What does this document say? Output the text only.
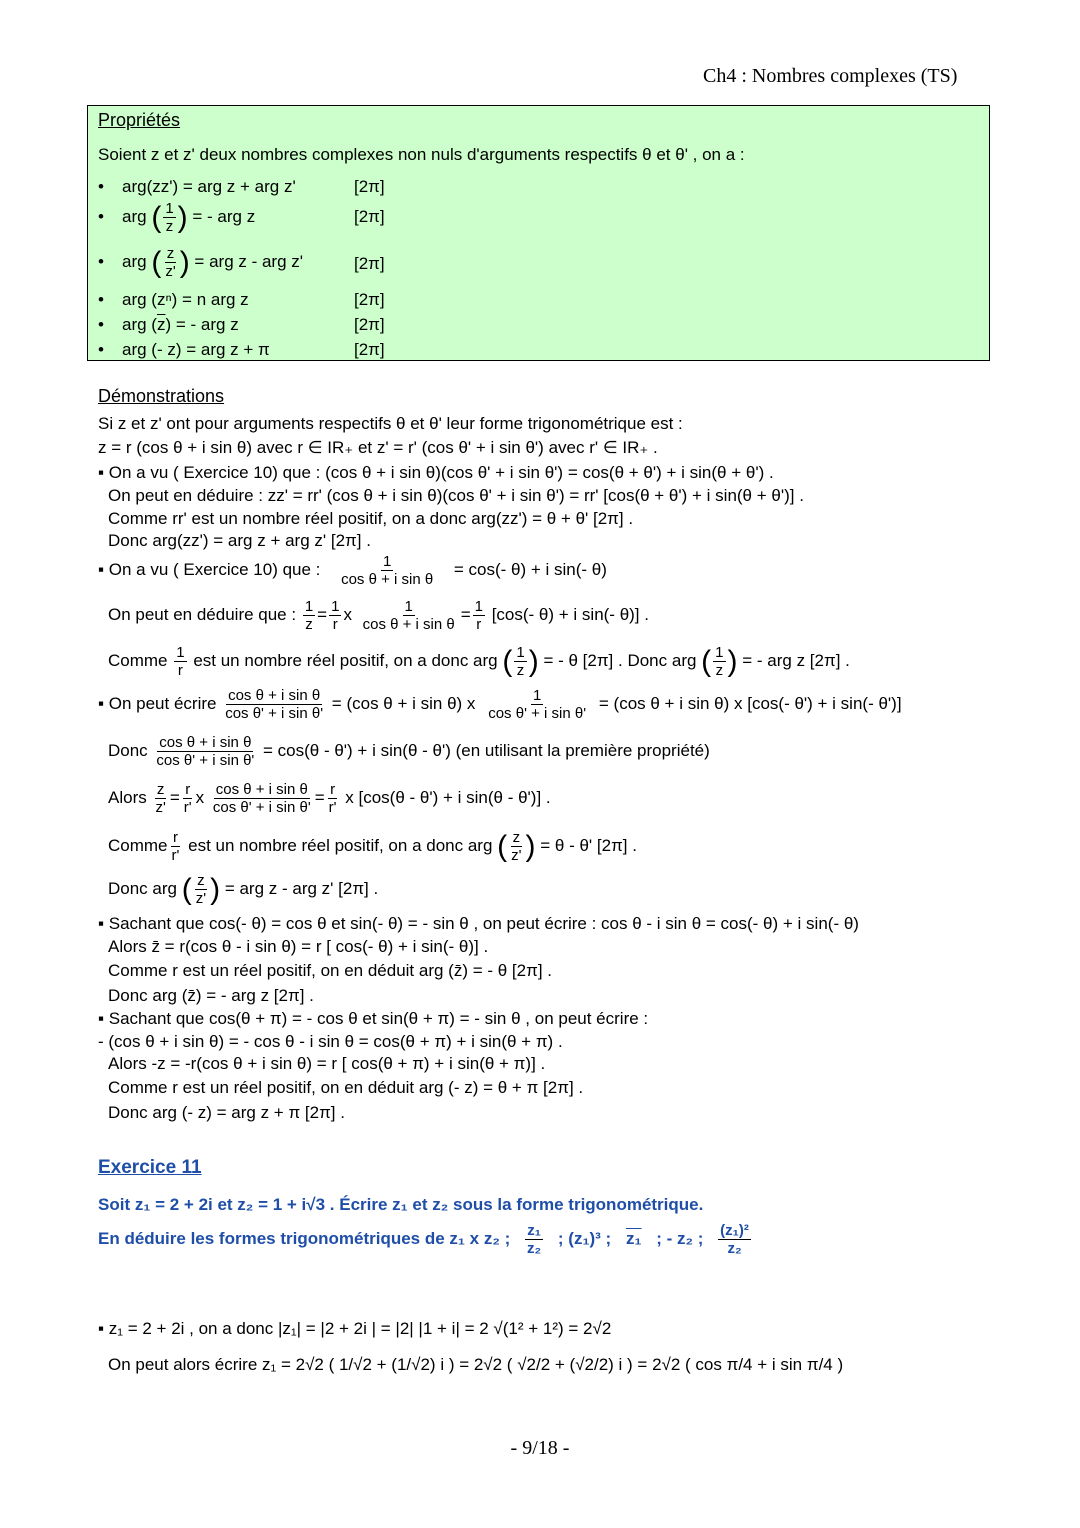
Ch4 : Nombres complexes (TS)
Propriétés
Soient z et z' deux nombres complexes non nuls d'arguments respectifs θ et θ' , on a :
• arg(zz') = arg z + arg z'	[2π]
• arg ( $\frac{1}{z}$ ) = - arg z	[2π]
• arg ( $\frac{z}{z'}$ ) = arg z - arg z'	[2π]
• arg (zⁿ) = n arg z	[2π]
• arg $(\overline{z})$ = - arg z	[2π]
• arg (- z) = arg z + π	[2π]
Démonstrations
Si z et z' ont pour arguments respectifs θ et θ' leur forme trigonométrique est :
z = r (cos θ + i sin θ) avec r ∈ IR₊ et z' = r' (cos θ' + i sin θ') avec r' ∈ IR₊ .
▪ On a vu ( Exercice 10) que : (cos θ + i sin θ)(cos θ' + i sin θ') = cos(θ + θ') + i sin(θ + θ') .
On peut en déduire : zz' = rr' (cos θ + i sin θ)(cos θ' + i sin θ') = rr' [cos(θ + θ') + i sin(θ + θ')] .
Comme rr' est un nombre réel positif, on a donc arg(zz') = θ + θ' [2π] .
Donc arg(zz') = arg z + arg z' [2π] .
▪ On a vu ( Exercice 10) que : $\frac{1}{\text{cos θ + i sin θ}} = \cos(-$ θ) + i sin(- θ)
On peut en déduire que : $\frac{1}{z} = \frac{1}{r}$ x $\frac{1}{\text{cos θ + i sin θ}} = \frac{1}{r} [\cos(-$ θ) + i sin(- θ)] .
Comme $\frac{1}{r}$ est un nombre réel positif, on a donc arg ( $\frac{1}{z}$ ) = - θ [2π] . Donc arg ( $\frac{1}{z}$ ) = - arg z [2π] .
▪ On peut écrire $\frac{\text{cos θ + i sin θ}}{\text{cos θ' + i sin θ'}} = (\cos$ θ + i sin θ) x $\frac{1}{\text{cos θ' + i sin θ'}} = (\cos$ θ + i sin θ) x [cos(- θ') + i sin(- θ')]
Donc $\frac{\text{cos θ + i sin θ}}{\text{cos θ' + i sin θ'}} = \cos(\theta - \theta') + i$ sin(θ - θ') (en utilisant la première propriété)
Alors $\frac{z}{z'} = \frac{r}{r'}$ x $\frac{\text{cos θ + i sin θ}}{\text{cos θ' + i sin θ'}} = \frac{r}{r'}$ x [cos(θ - θ') + i sin(θ - θ')] .
Comme $\frac{r}{r'}$ est un nombre réel positif, on a donc arg ( $\frac{z}{z'}$ ) = θ - θ' [2π] .
Donc arg ( $\frac{z}{z'}$ ) = arg z - arg z' [2π] .
▪ Sachant que cos(- θ) = cos θ et sin(- θ) = - sin θ , on peut écrire : cos θ - i sin θ = cos(- θ) + i sin(- θ)
Alors z̄ = r(cos θ - i sin θ) = r [ cos(- θ) + i sin(- θ)] .
Comme r est un réel positif, on en déduit arg (z̄) = - θ [2π] .
Donc arg (z̄) = - arg z [2π] .
▪ Sachant que cos(θ + π) = - cos θ et sin(θ + π) = - sin θ , on peut écrire :
- (cos θ + i sin θ) = - cos θ - i sin θ = cos(θ + π) + i sin(θ + π) .
Alors -z = -r(cos θ + i sin θ) = r [ cos(θ + π) + i sin(θ + π)] .
Comme r est un réel positif, on en déduit arg (- z) = θ + π [2π] .
Donc arg (- z) = arg z + π [2π] .
Exercice 11
Soit z₁ = 2 + 2i et z₂ = 1 + i√3 . Écrire z₁ et z₂ sous la forme trigonométrique.
En déduire les formes trigonométriques de z₁ x z₂ ; $\frac{\text{z₁}}{\text{z₂}}$ ; (z₁)³ ; z₁ ; - z₂ ; $\frac{\text{(z₁)²}}{\text{z₂}}$
▪ z₁ = 2 + 2i , on a donc |z₁| = |2 + 2i | = |2| |1 + i| = 2 √(1² + 1²) = 2√2
On peut alors écrire z₁ = 2√2 ( 1/√2 + (1/√2) i ) = 2√2 ( √2/2 + (√2/2) i ) = 2√2 ( cos π/4 + i sin π/4 )
- 9/18 -
